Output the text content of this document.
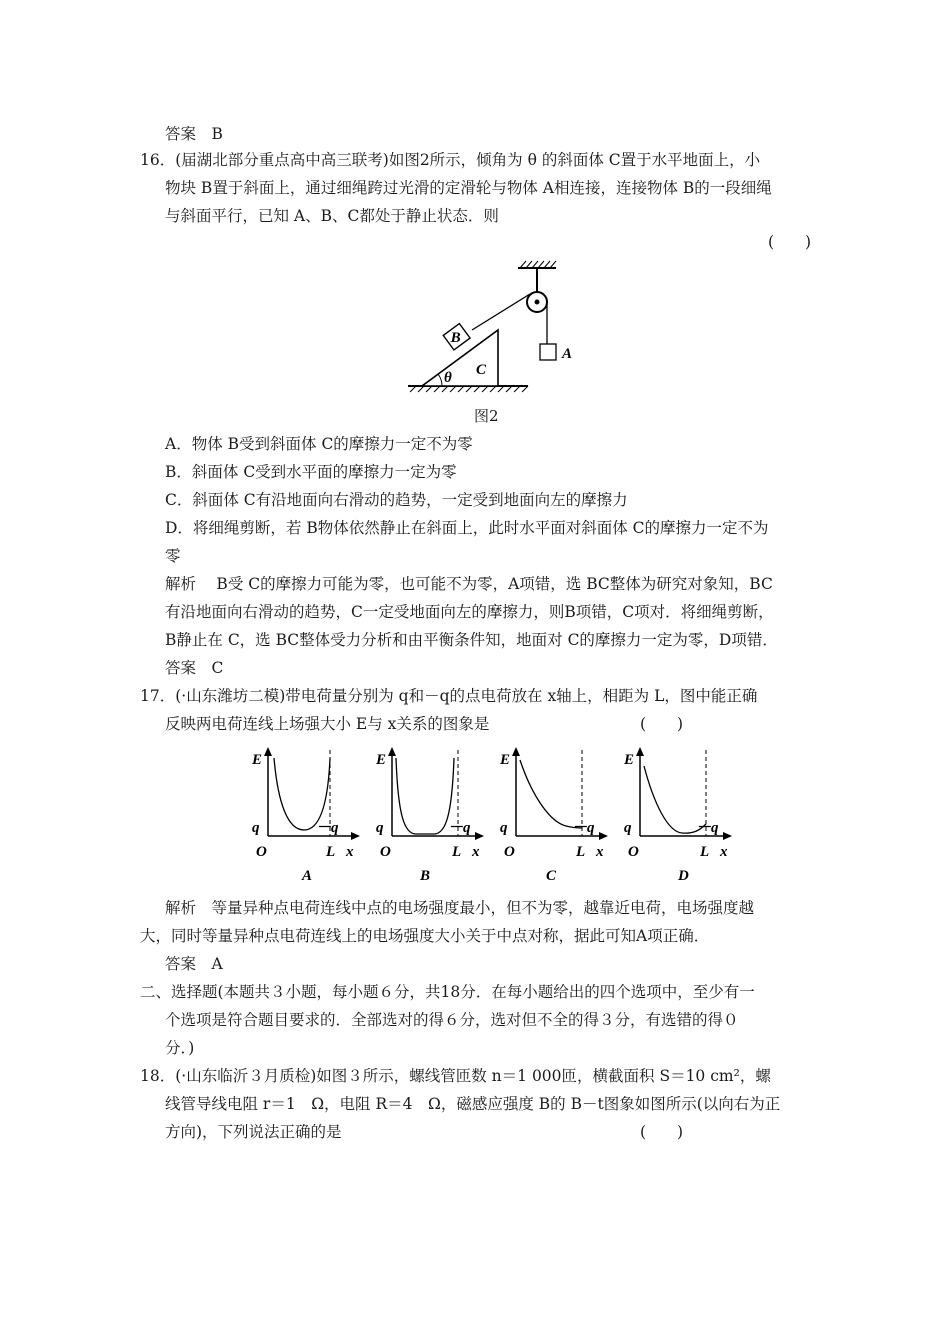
答案　B
16．(届湖北部分重点高中高三联考)如图2所示，倾角为 θ 的斜面体 C置于水平地面上，小
物块 B置于斜面上，通过细绳跨过光滑的定滑轮与物体 A相连接，连接物体 B的一段细绳
与斜面平行，已知 A、B、C都处于静止状态．则
(　　)
A
θ C
B
图2
A．物体 B受到斜面体 C的摩擦力一定不为零
B．斜面体 C受到水平面的摩擦力一定为零
C．斜面体 C有沿地面向右滑动的趋势，一定受到地面向左的摩擦力
D．将细绳剪断，若 B物体依然静止在斜面上，此时水平面对斜面体 C的摩擦力一定不为
零
解析　 B受 C的摩擦力可能为零，也可能不为零，A项错，选 BC整体为研究对象知，BC
有沿地面向右滑动的趋势，C一定受地面向左的摩擦力，则B项错，C项对．将细绳剪断，
B静止在 C，选 BC整体受力分析和由平衡条件知，地面对 C的摩擦力一定为零，D项错．
答案　C
17．(·山东潍坊二模)带电荷量分别为 q和－q的点电荷放在 x轴上，相距为 L，图中能正确
反映两电荷连线上场强大小 E与 x关系的图象是	(　　)
E
q	－q
O	L x
A
E
q	－q
O	L x
B
E
q	－q
O	L x
C
E
q	－q
O	L x
D
解析　等量异种点电荷连线中点的电场强度最小，但不为零，越靠近电荷，电场强度越
大，同时等量异种点电荷连线上的电场强度大小关于中点对称，据此可知A项正确．
答案　A
二、选择题(本题共３小题，每小题６分，共18分．在每小题给出的四个选项中，至少有一
个选项是符合题目要求的．全部选对的得６分，选对但不全的得３分，有选错的得０
分．)
18．(·山东临沂３月质检)如图３所示，螺线管匝数 n＝1 000匝，横截面积 S＝10 cm²，螺
线管导线电阻 r＝1　Ω，电阻 R＝4　Ω，磁感应强度 B的 B－t图象如图所示(以向右为正
方向)，下列说法正确的是	(　　)
